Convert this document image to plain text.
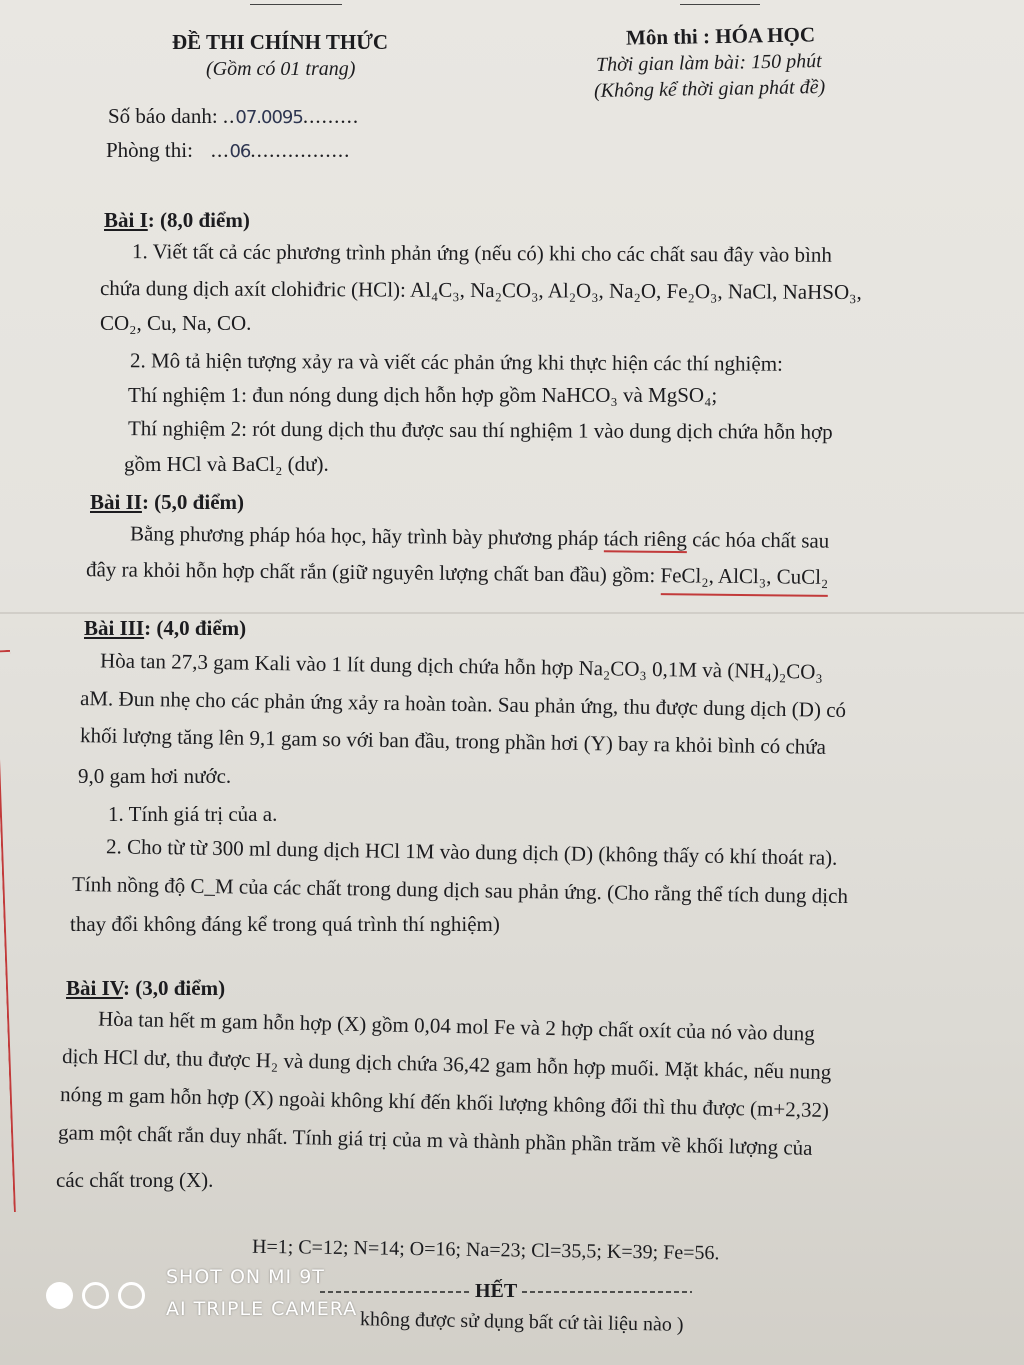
ĐỀ THI CHÍNH THỨC
(Gồm có 01 trang)
Môn thi : HÓA HỌC
Thời gian làm bài: 150 phút
(Không kể thời gian phát đề)
Số báo danh: ..07.0095.........
Phòng thi:   ...06................
Bài I: (8,0 điểm)
1. Viết tất cả các phương trình phản ứng (nếu có) khi cho các chất sau đây vào bình
chứa dung dịch axít clohiđric (HCl): Al₄C₃, Na₂CO₃, Al₂O₃, Na₂O, Fe₂O₃, NaCl, NaHSO₃,
CO₂, Cu, Na, CO.
2. Mô tả hiện tượng xảy ra và viết các phản ứng khi thực hiện các thí nghiệm:
Thí nghiệm 1: đun nóng dung dịch hỗn hợp gồm NaHCO₃ và MgSO₄;
Thí nghiệm 2: rót dung dịch thu được sau thí nghiệm 1 vào dung dịch chứa hỗn hợp
gồm HCl và BaCl₂ (dư).
Bài II: (5,0 điểm)
Bằng phương pháp hóa học, hãy trình bày phương pháp tách riêng các hóa chất sau
đây ra khỏi hỗn hợp chất rắn (giữ nguyên lượng chất ban đầu) gồm: FeCl₂, AlCl₃, CuCl₂
Bài III: (4,0 điểm)
Hòa tan 27,3 gam Kali vào 1 lít dung dịch chứa hỗn hợp Na₂CO₃ 0,1M và (NH₄)₂CO₃
aM. Đun nhẹ cho các phản ứng xảy ra hoàn toàn. Sau phản ứng, thu được dung dịch (D) có
khối lượng tăng lên 9,1 gam so với ban đầu, trong phần hơi (Y) bay ra khỏi bình có chứa
9,0 gam hơi nước.
1. Tính giá trị của a.
2. Cho từ từ 300 ml dung dịch HCl 1M vào dung dịch (D) (không thấy có khí thoát ra).
Tính nồng độ C_M của các chất trong dung dịch sau phản ứng. (Cho rằng thể tích dung dịch
thay đổi không đáng kể trong quá trình thí nghiệm)
Bài IV: (3,0 điểm)
Hòa tan hết m gam hỗn hợp (X) gồm 0,04 mol Fe và 2 hợp chất oxít của nó vào dung
dịch HCl dư, thu được H₂ và dung dịch chứa 36,42 gam hỗn hợp muối. Mặt khác, nếu nung
nóng m gam hỗn hợp (X) ngoài không khí đến khối lượng không đổi thì thu được (m+2,32)
gam một chất rắn duy nhất. Tính giá trị của m và thành phần phần trăm về khối lượng của
các chất trong (X).
H=1; C=12; N=14; O=16; Na=23; Cl=35,5; K=39; Fe=56.
HẾT
không được sử dụng bất cứ tài liệu nào )
SHOT ON MI 9T
AI TRIPLE CAMERA
